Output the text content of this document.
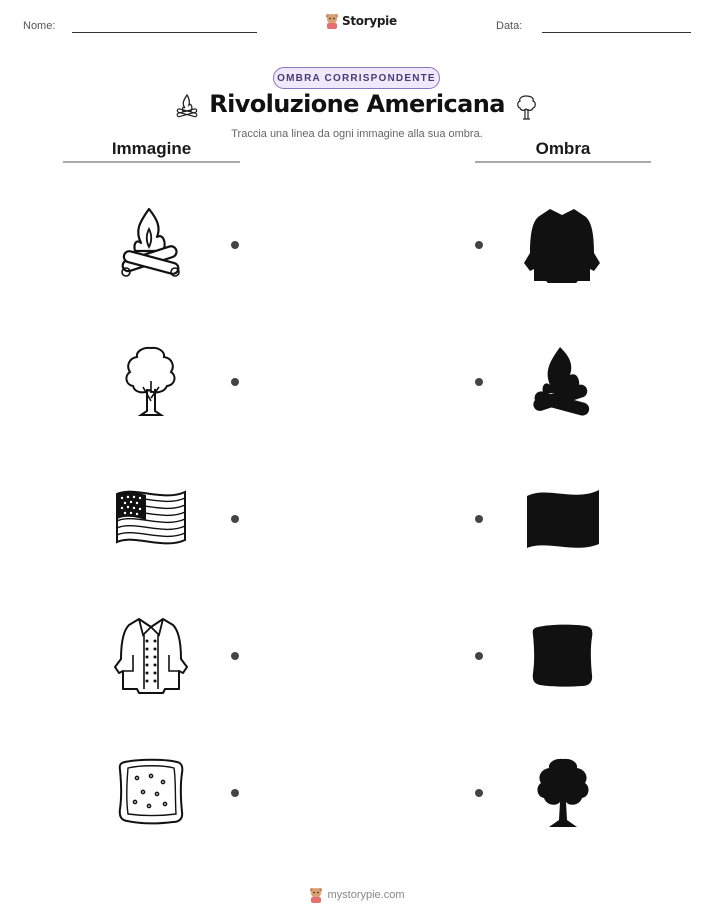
Nome:	Storypie	Data:
OMBRA CORRISPONDENTE
Rivoluzione Americana
Traccia una linea da ogni immagine alla sua ombra.
Immagine	Ombra
mystorypie.com
